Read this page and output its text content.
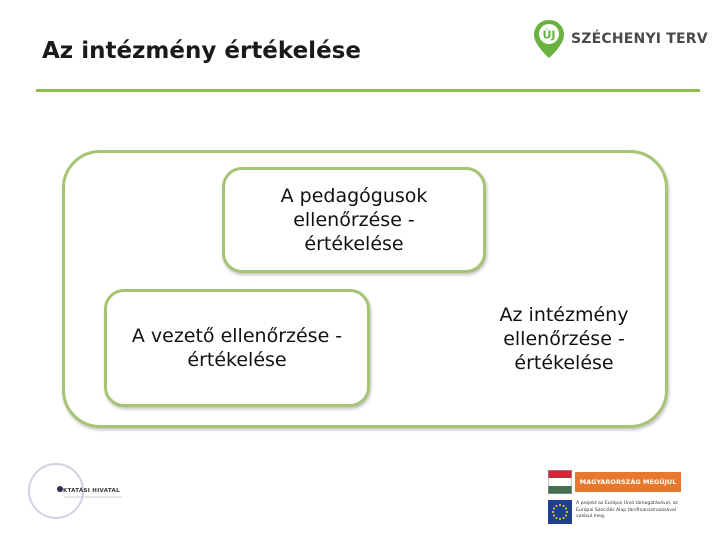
Az intézmény értékelése
ÚJ SZÉCHENYI TERV
A pedagógusok ellenőrzése - értékelése
A vezető ellenőrzése - értékelése
Az intézmény ellenőrzése - értékelése
OKTATÁSI HIVATAL
MAGYARORSZÁG MEGÚJUL
A projekt az Európai Unió támogatásával, az Európai Szociális Alap társfinanszírozásával valósul meg.
